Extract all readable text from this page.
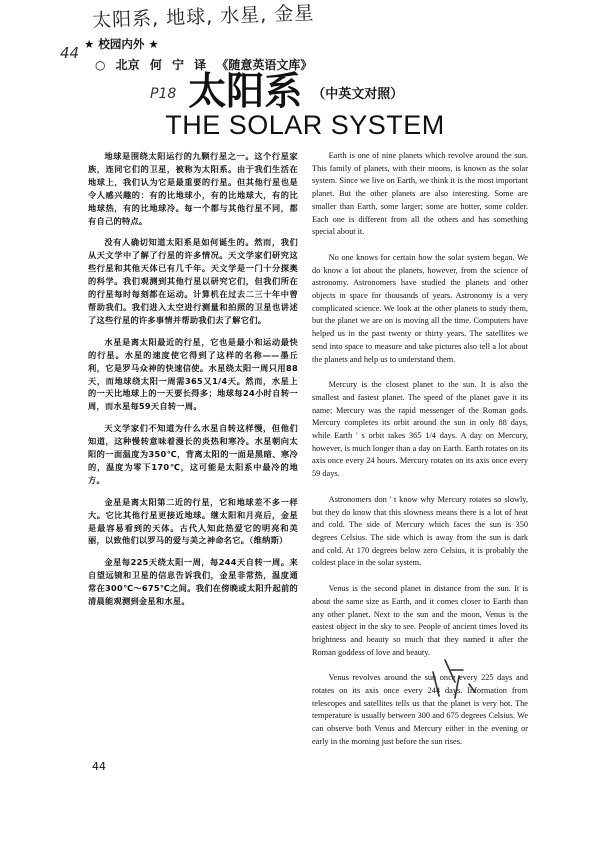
太阳系, 地球, 水星, 金星
44 ★ 校园内外 ★
○ 北京 何 宁 译 《随意英语文库》
P18 太阳系 （中英文对照）
THE SOLAR SYSTEM

地球是围绕太阳运行的九颗行星之一。这个行星家族，连同它们的卫星，被称为太阳系。由于我们生活在地球上，我们认为它是最重要的行星。但其他行星也是令人感兴趣的：有的比地球小，有的比地球大，有的比地球热，有的比地球冷。每一个都与其他行星不同，都有自己的特点。

没有人确切知道太阳系是如何诞生的。然而，我们从天文学中了解了行星的许多情况。天文学家们研究这些行星和其他天体已有几千年。天文学是一门十分探奥的科学。我们观测到其他行星以研究它们，但我们所在的行星每时每刻都在运动。计算机在过去二三十年中曾帮助我们。我们进入太空进行测量和拍照的卫星也讲述了这些行星的许多事情并帮助我们去了解它们。

水星是离太阳最近的行星，它也是最小和运动最快的行星。水星的速度使它得到了这样的名称——墨丘利，它是罗马众神的快速信使。水星绕太阳一周只用88天，而地球绕太阳一周需365又1/4天。然而，水星上的一天比地球上的一天要长得多；地球每24小时自转一周，而水星每59天自转一周。

天文学家们不知道为什么水星自转这样慢，但他们知道，这种慢转意味着漫长的炎热和寒冷。水星朝向太阳的一面温度为350℃，背离太阳的一面是黑暗、寒冷的，温度为零下170℃，这可能是太阳系中最冷的地方。

金星是离太阳第二近的行星，它和地球差不多一样大。它比其他行星更接近地球。继太阳和月亮后，金星是最容易看到的天体。古代人知此热爱它的明亮和美丽，以致他们以罗马的爱与美之神命名它。（维纳斯）

金星每225天绕太阳一周，每244天自转一周。来自望远镜和卫星的信息告诉我们，金星非常热，温度通常在300℃～675℃之间。我们在傍晚或太阳升起前的清晨能观测到金星和水星。

Earth is one of nine planets which revolve around the sun. This family of planets, with their moons, is known as the solar system. Since we live on Earth, we think it is the most important planet. But the other planets are also interesting. Some are smaller than Earth, some larger; some are hotter, some colder. Each one is different from all the others and has something special about it.

No one knows for certain how the solar system began. We do know a lot about the planets, however, from the science of astronomy. Astronomers have studied the planets and other objects in space for thousands of years. Astronomy is a very complicated science. We look at the other planets to study them, but the planet we are on is moving all the time. Computers have helped us in the past twenty or thirty years. The satellites we send into space to measure and take pictures also tell a lot about the planets and help us to understand them.

Mercury is the closest planet to the sun. It is also the smallest and fastest planet. The speed of the planet gave it its name; Mercury was the rapid messenger of the Roman gods. Mercury completes its orbit around the sun in only 88 days, while Earth ' s orbit takes 365 1/4 days. A day on Mercury, however, is much longer than a day on Earth. Earth rotates on its axis once every 24 hours. Mercury rotates on its axis once every 59 days.

Astronomers don ' t know why Mercury rotates so slowly, but they do know that this slowness means there is a lot of heat and cold. The side of Mercury which faces the sun is 350 degrees Celsius. The side which is away from the sun is dark and cold. At 170 degrees below zero Celsius, it is probably the coldest place in the solar system.

Venus is the second planet in distance from the sun. It is about the same size as Earth, and it comes closer to Earth than any other planet. Next to the sun and the moon, Venus is the easiest object in the sky to see. People of ancient times loved its brightness and beauty so much that they named it after the Roman goddess of love and beauty.

Venus revolves around the sun once every 225 days and rotates on its axis once every 244 days. Information from telescopes and satellites tells us that the planet is very hot. The temperature is usually between 300 and 675 degrees Celsius. We can observe both Venus and Mercury either in the evening or early in the morning just before the sun rises.

44
